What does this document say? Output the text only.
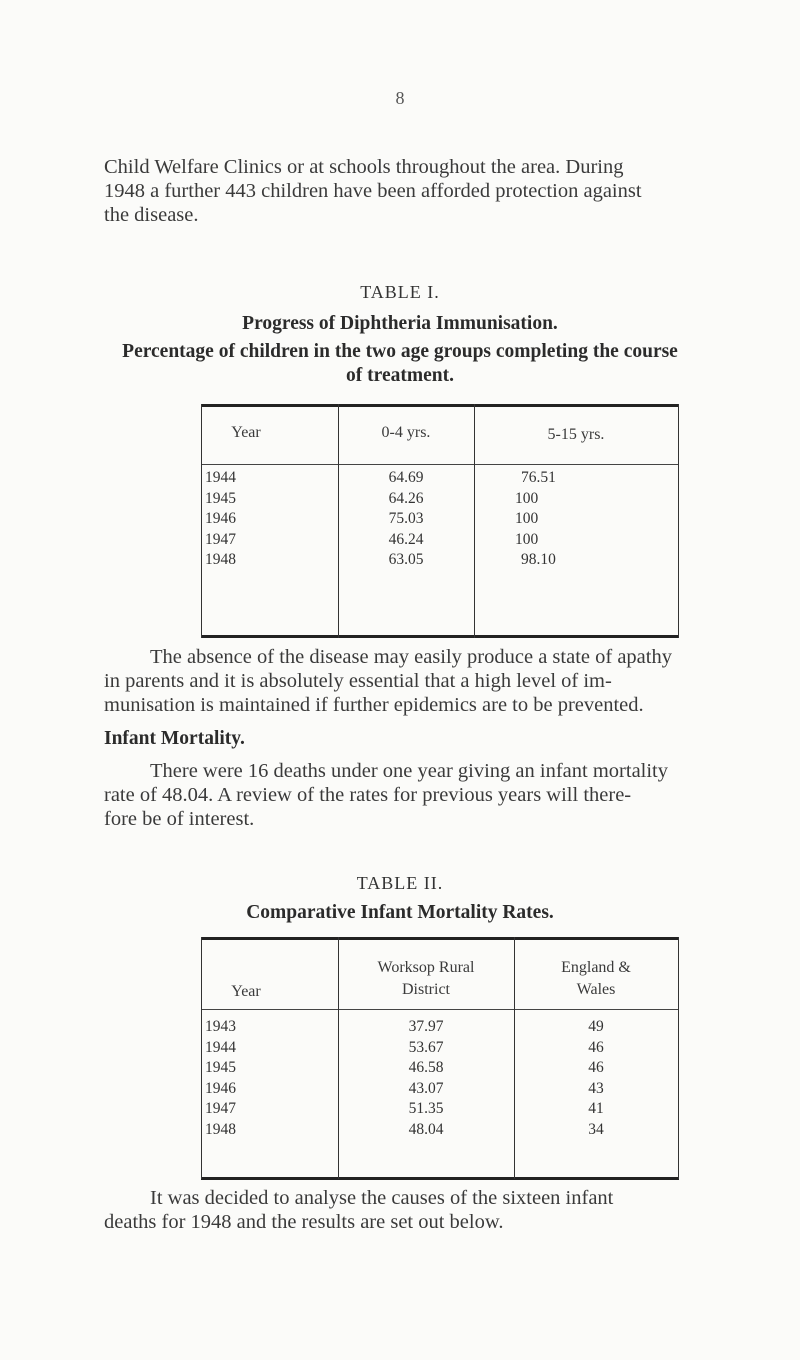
8
Child Welfare Clinics or at schools throughout the area. During
1948 a further 443 children have been afforded protection against
the disease.
TABLE I.
Progress of Diphtheria Immunisation.
Percentage of children in the two age groups completing the course
of treatment.
Year	0-4 yrs.	5-15 yrs.
1944
1945
1946
1947
1948
64.69
64.26
75.03
46.24
63.05
76.51
100
100
100
98.10
The absence of the disease may easily produce a state of apathy
in parents and it is absolutely essential that a high level of im-
munisation is maintained if further epidemics are to be prevented.
Infant Mortality.
There were 16 deaths under one year giving an infant mortality
rate of 48.04. A review of the rates for previous years will there-
fore be of interest.
TABLE II.
Comparative Infant Mortality Rates.
Year
Worksop Rural
District
England &
Wales
1943
1944
1945
1946
1947
1948
37.97
53.67
46.58
43.07
51.35
48.04
49
46
46
43
41
34
It was decided to analyse the causes of the sixteen infant
deaths for 1948 and the results are set out below.
